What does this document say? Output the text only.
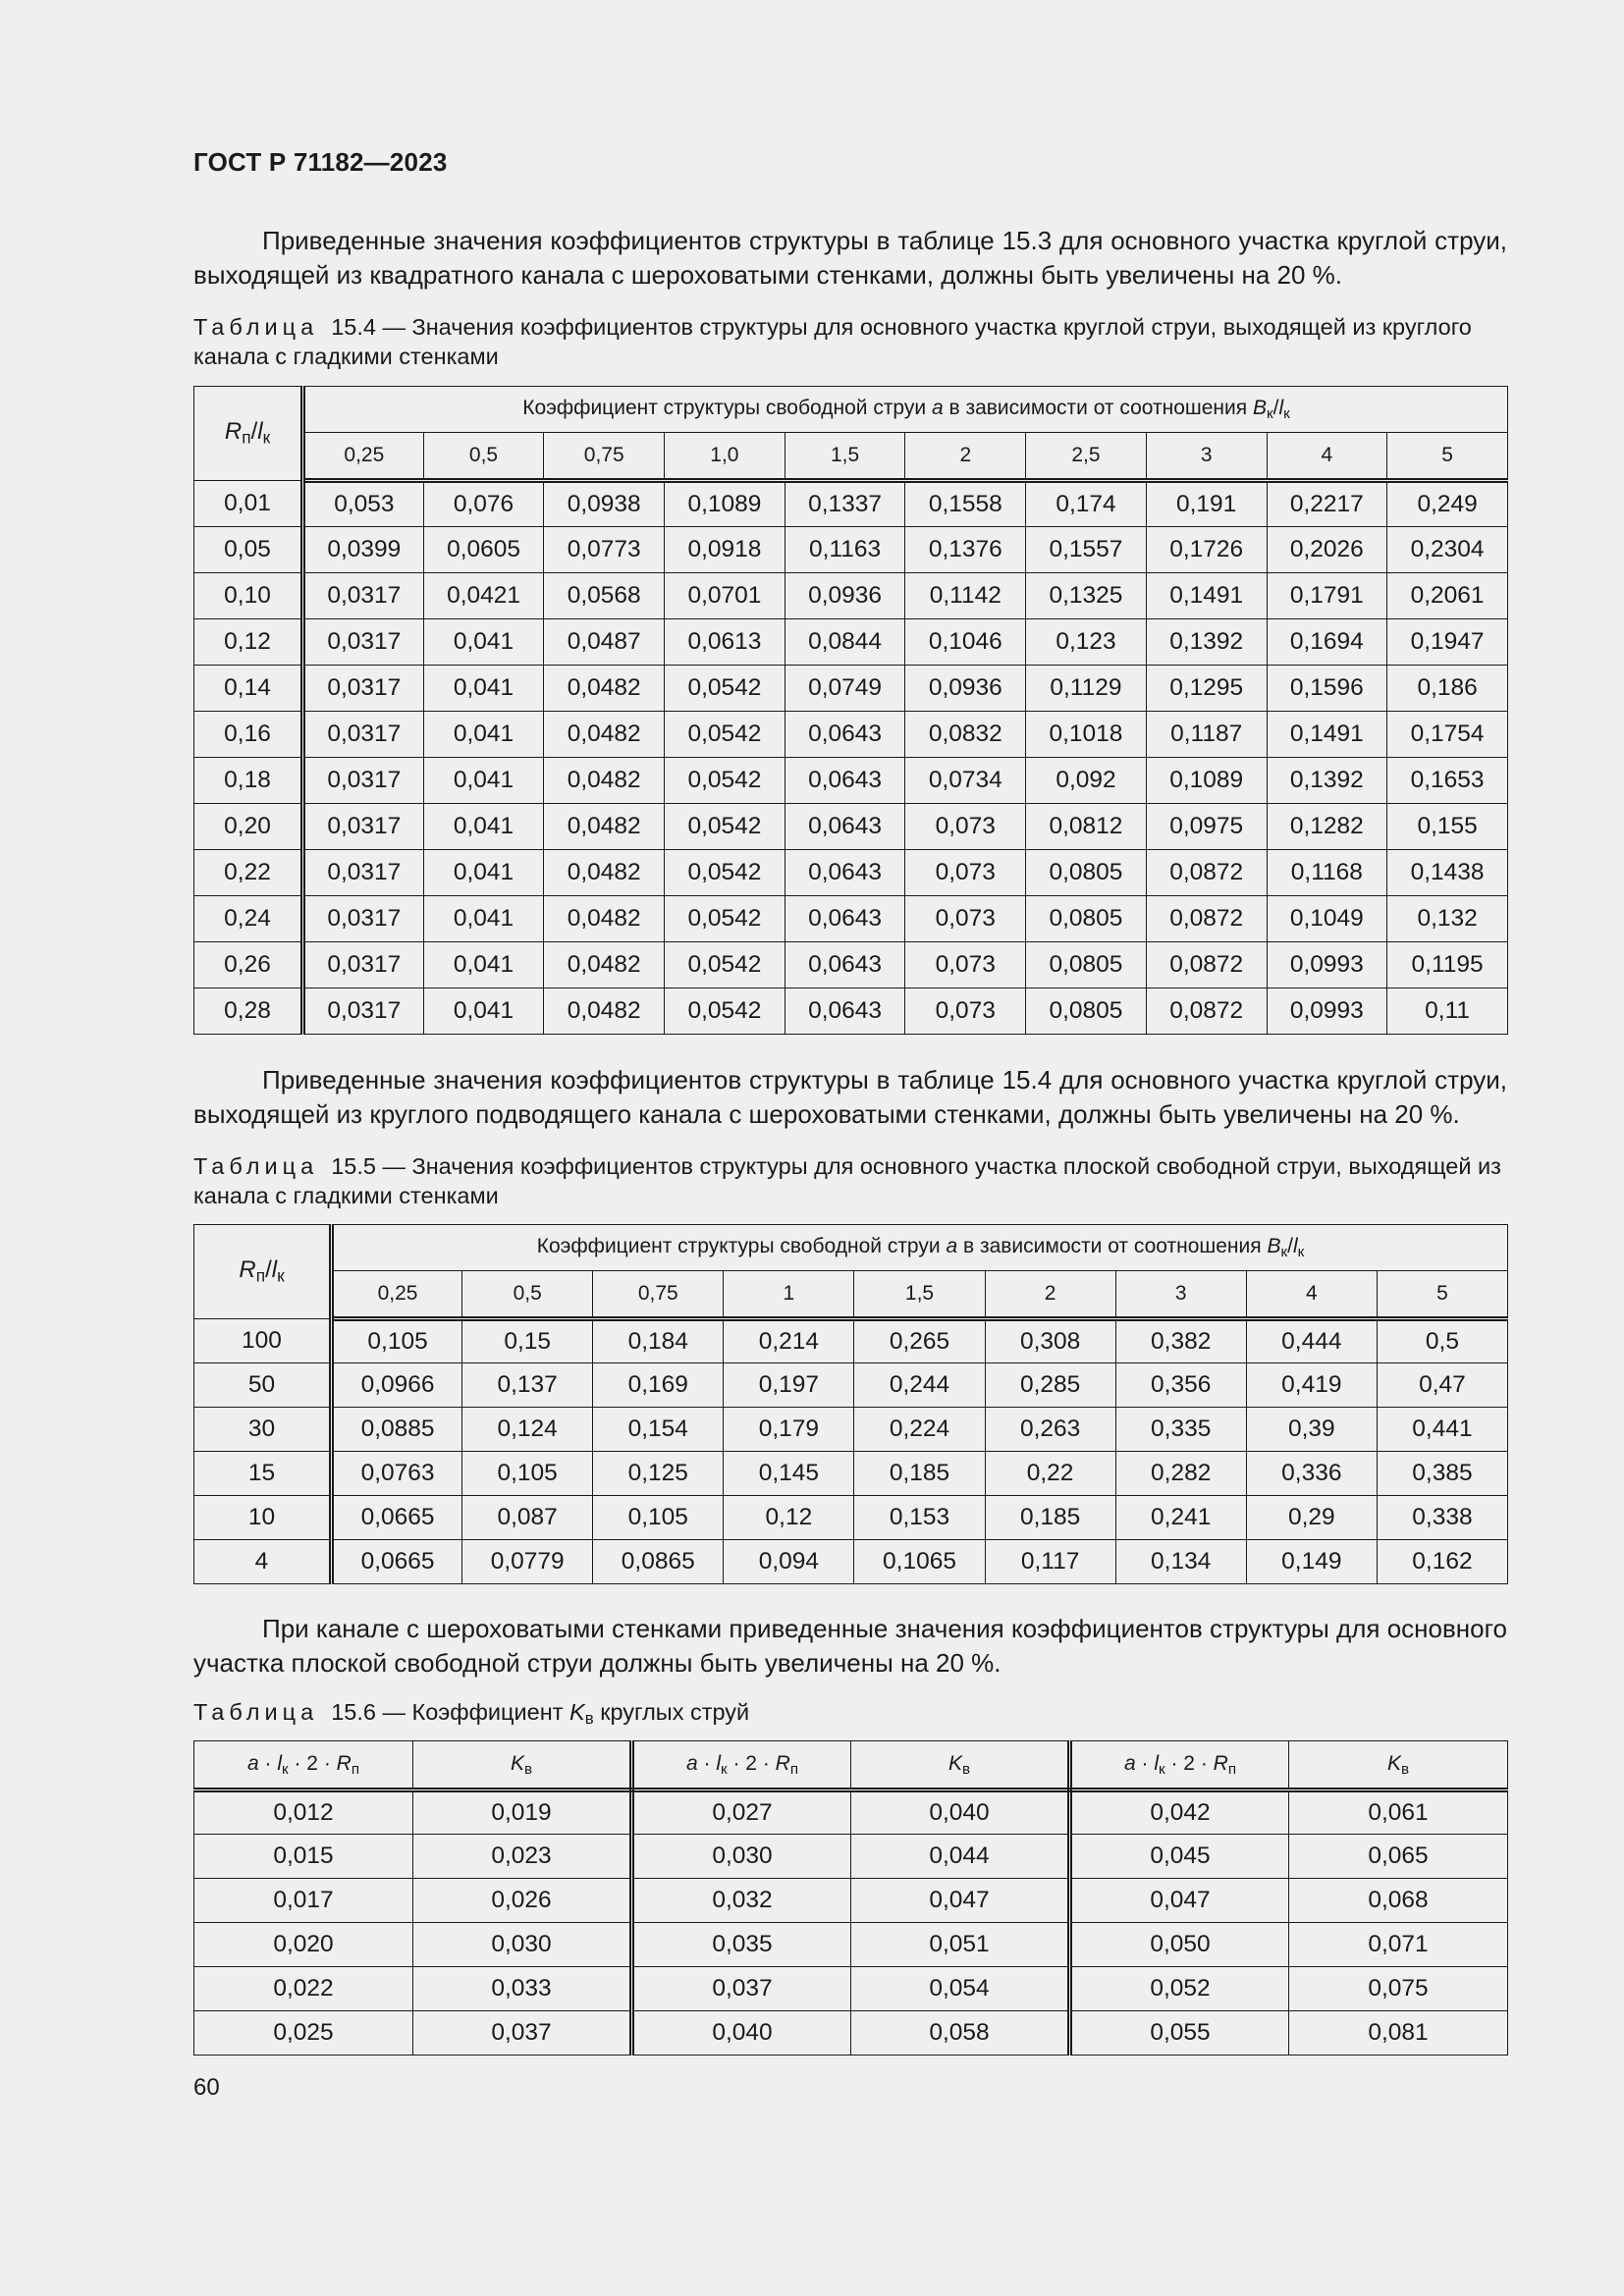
ГОСТ Р 71182—2023
Приведенные значения коэффициентов структуры в таблице 15.3 для основного участка круглой струи, выходящей из квадратного канала с шероховатыми стенками, должны быть увеличены на 20 %.
Таблица 15.4 — Значения коэффициентов структуры для основного участка круглой струи, выходящей из круглого канала с гладкими стенками
$R_п/l_к$	Коэффициент структуры свободной струи a в зависимости от соотношения $B_к/l_к$
	0,25	0,5	0,75	1,0	1,5	2	2,5	3	4	5
0,01	0,053	0,076	0,0938	0,1089	0,1337	0,1558	0,174	0,191	0,2217	0,249
0,05	0,0399	0,0605	0,0773	0,0918	0,1163	0,1376	0,1557	0,1726	0,2026	0,2304
0,10	0,0317	0,0421	0,0568	0,0701	0,0936	0,1142	0,1325	0,1491	0,1791	0,2061
0,12	0,0317	0,041	0,0487	0,0613	0,0844	0,1046	0,123	0,1392	0,1694	0,1947
0,14	0,0317	0,041	0,0482	0,0542	0,0749	0,0936	0,1129	0,1295	0,1596	0,186
0,16	0,0317	0,041	0,0482	0,0542	0,0643	0,0832	0,1018	0,1187	0,1491	0,1754
0,18	0,0317	0,041	0,0482	0,0542	0,0643	0,0734	0,092	0,1089	0,1392	0,1653
0,20	0,0317	0,041	0,0482	0,0542	0,0643	0,073	0,0812	0,0975	0,1282	0,155
0,22	0,0317	0,041	0,0482	0,0542	0,0643	0,073	0,0805	0,0872	0,1168	0,1438
0,24	0,0317	0,041	0,0482	0,0542	0,0643	0,073	0,0805	0,0872	0,1049	0,132
0,26	0,0317	0,041	0,0482	0,0542	0,0643	0,073	0,0805	0,0872	0,0993	0,1195
0,28	0,0317	0,041	0,0482	0,0542	0,0643	0,073	0,0805	0,0872	0,0993	0,11
Приведенные значения коэффициентов структуры в таблице 15.4 для основного участка круглой струи, выходящей из круглого подводящего канала с шероховатыми стенками, должны быть увеличены на 20 %.
Таблица 15.5 — Значения коэффициентов структуры для основного участка плоской свободной струи, выходящей из канала с гладкими стенками
$R_п/l_к$	Коэффициент структуры свободной струи a в зависимости от соотношения $B_к/l_к$
	0,25	0,5	0,75	1	1,5	2	3	4	5
100	0,105	0,15	0,184	0,214	0,265	0,308	0,382	0,444	0,5
50	0,0966	0,137	0,169	0,197	0,244	0,285	0,356	0,419	0,47
30	0,0885	0,124	0,154	0,179	0,224	0,263	0,335	0,39	0,441
15	0,0763	0,105	0,125	0,145	0,185	0,22	0,282	0,336	0,385
10	0,0665	0,087	0,105	0,12	0,153	0,185	0,241	0,29	0,338
4	0,0665	0,0779	0,0865	0,094	0,1065	0,117	0,134	0,149	0,162
При канале с шероховатыми стенками приведенные значения коэффициентов структуры для основного участка плоской свободной струи должны быть увеличены на 20 %.
Таблица 15.6 — Коэффициент $K_в$ круглых струй
$a \cdot l_к \cdot 2 \cdot R_п$	$K_в$	$a \cdot l_к \cdot 2 \cdot R_п$	$K_в$	$a \cdot l_к \cdot 2 \cdot R_п$	$K_в$
0,012	0,019	0,027	0,040	0,042	0,061
0,015	0,023	0,030	0,044	0,045	0,065
0,017	0,026	0,032	0,047	0,047	0,068
0,020	0,030	0,035	0,051	0,050	0,071
0,022	0,033	0,037	0,054	0,052	0,075
0,025	0,037	0,040	0,058	0,055	0,081
60
